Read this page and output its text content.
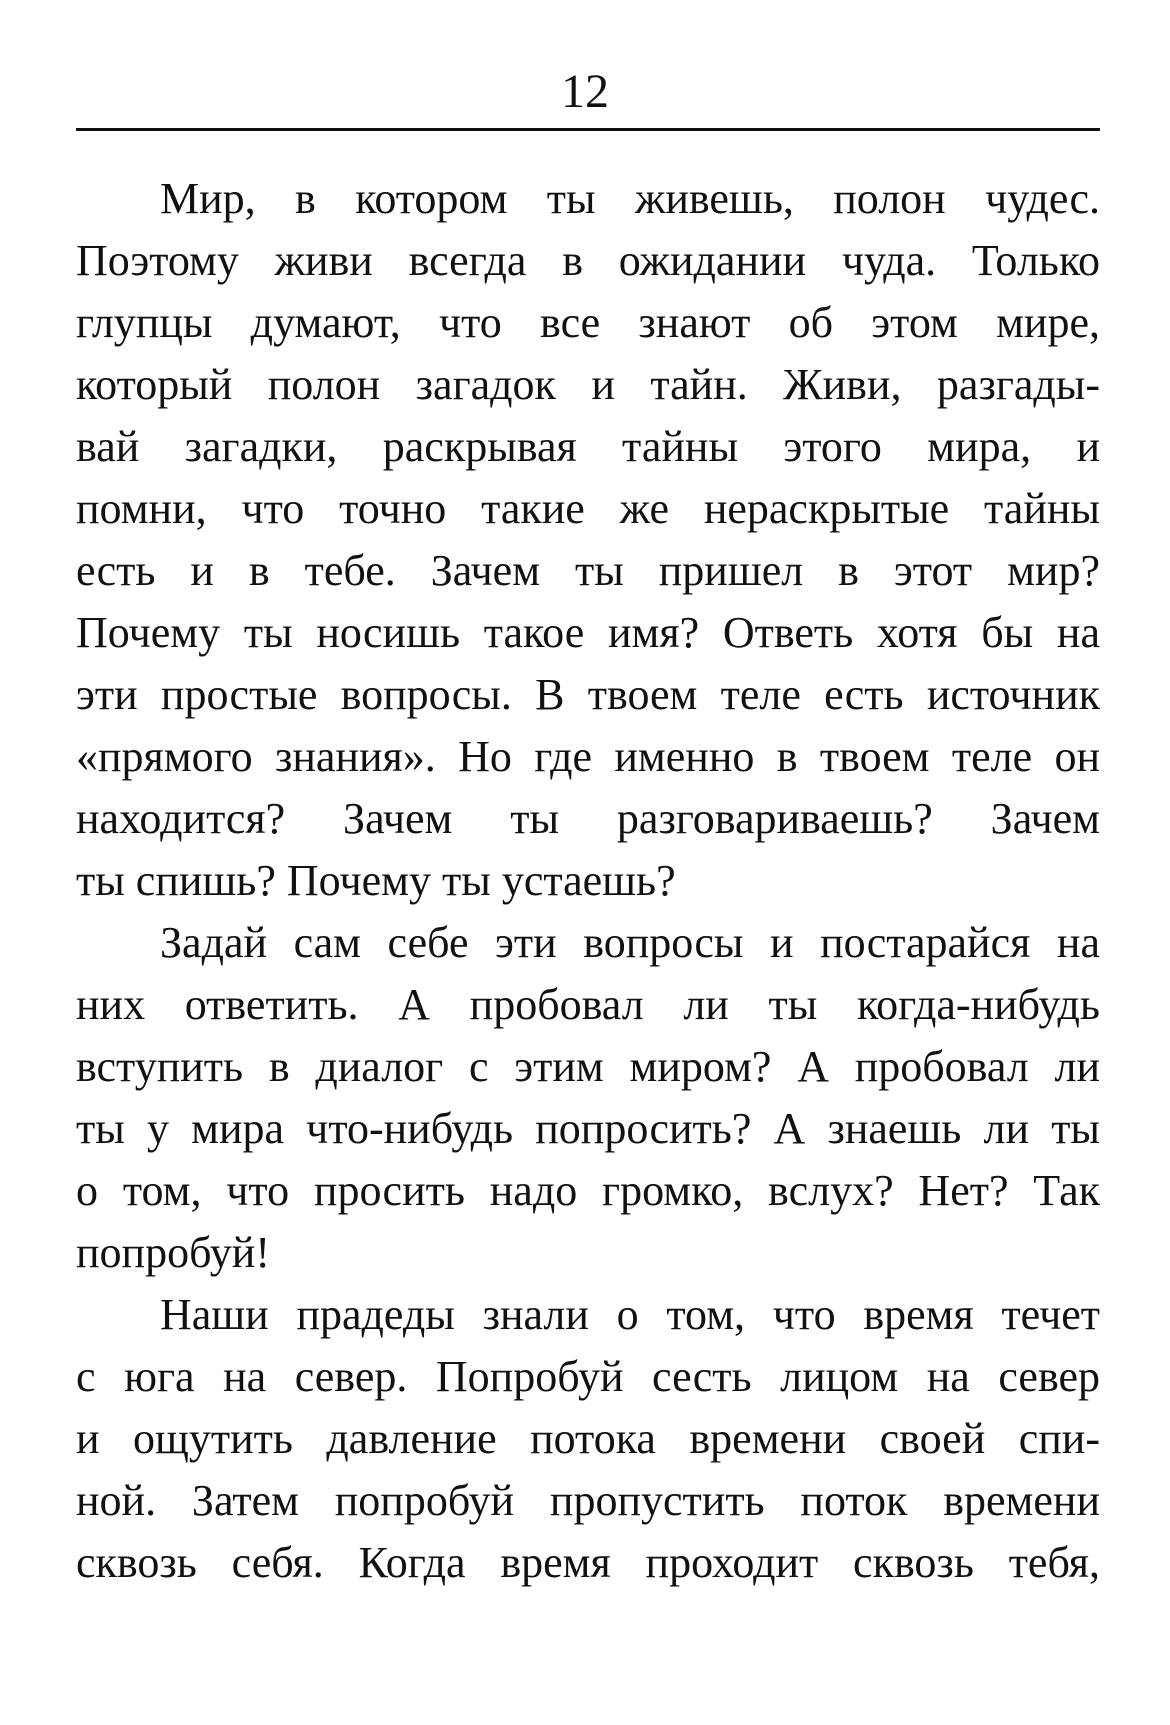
12
Мир, в котором ты живешь, полон чудес.
Поэтому живи всегда в ожидании чуда. Только
глупцы думают, что все знают об этом мире,
который полон загадок и тайн. Живи, разгады-
вай загадки, раскрывая тайны этого мира, и
помни, что точно такие же нераскрытые тайны
есть и в тебе. Зачем ты пришел в этот мир?
Почему ты носишь такое имя? Ответь хотя бы на
эти простые вопросы. В твоем теле есть источник
«прямого знания». Но где именно в твоем теле он
находится? Зачем ты разговариваешь? Зачем
ты спишь? Почему ты устаешь?
Задай сам себе эти вопросы и постарайся на
них ответить. А пробовал ли ты когда-нибудь
вступить в диалог с этим миром? А пробовал ли
ты у мира что-нибудь попросить? А знаешь ли ты
о том, что просить надо громко, вслух? Нет? Так
попробуй!
Наши прадеды знали о том, что время течет
с юга на север. Попробуй сесть лицом на север
и ощутить давление потока времени своей спи-
ной. Затем попробуй пропустить поток времени
сквозь себя. Когда время проходит сквозь тебя,
